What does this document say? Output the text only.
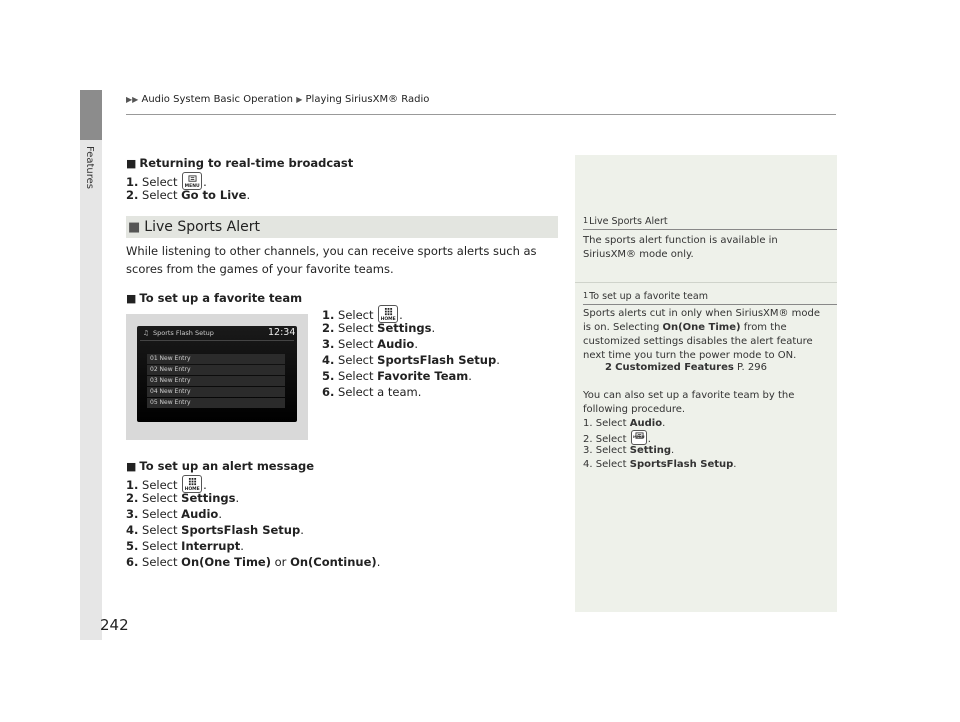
Features
▶▶ Audio System Basic Operation ▶ Playing SiriusXM® Radio
1Live Sports Alert
The sports alert function is available in SiriusXM® mode only.
1To set up a favorite team
Sports alerts cut in only when SiriusXM® mode is on. Selecting On(One Time) from the customized settings disables the alert feature next time you turn the power mode to ON.
2 Customized Features P. 296
You can also set up a favorite team by the following procedure.
1. Select Audio.
2. Select	MENU .
3. Select Setting.
4. Select SportsFlash Setup.
■ Returning to real-time broadcast
1. Select	MENU .
2. Select Go to Live.
■ Live Sports Alert
While listening to other channels, you can receive sports alerts such as scores from the games of your favorite teams.
■ To set up a favorite team
1. Select	HOME .
2. Select Settings.
3. Select Audio.
4. Select SportsFlash Setup.
5. Select Favorite Team.
6. Select a team.
♫ Sports Flash Setup	12:34
01 New Entry
02 New Entry
03 New Entry
04 New Entry
05 New Entry
■ To set up an alert message
1. Select	HOME .
2. Select Settings.
3. Select Audio.
4. Select SportsFlash Setup.
5. Select Interrupt.
6. Select On(One Time) or On(Continue).
242
